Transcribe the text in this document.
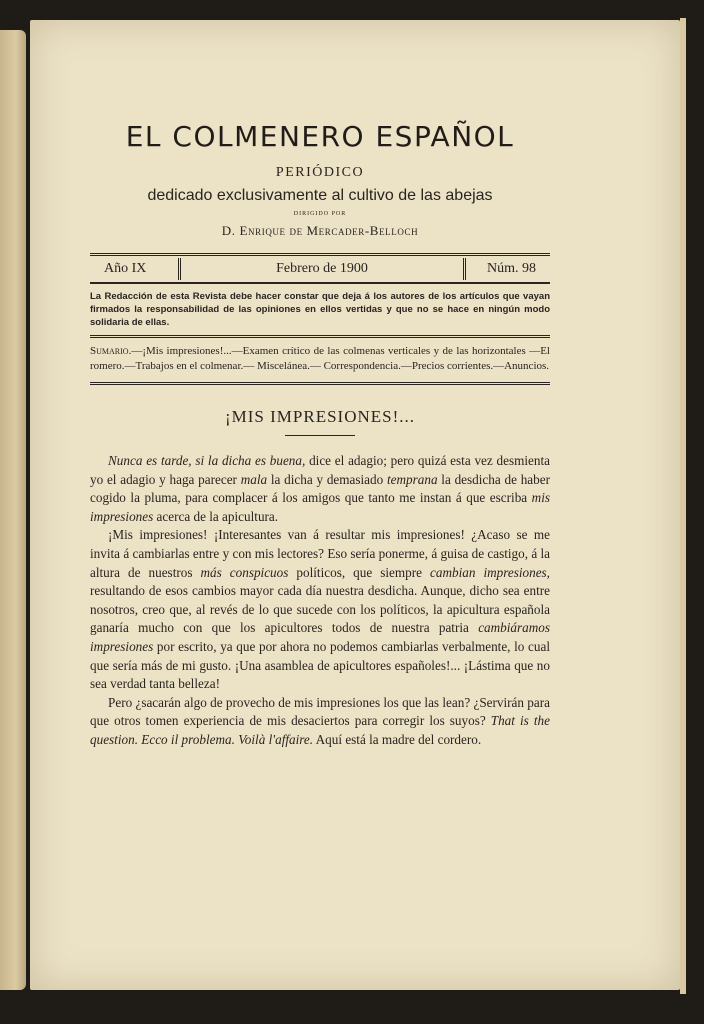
EL COLMENERO ESPAÑOL
PERIÓDICO
dedicado exclusivamente al cultivo de las abejas
DIRIGIDO POR
D. Enrique de Mercader-Belloch
Año IX	Febrero de 1900	Núm. 98
La Redacción de esta Revista debe hacer constar que deja á los autores de los artículos que vayan firmados la responsabilidad de las opiniones en ellos vertidas y que no se hace en ningún modo solidaria de ellas.
Sumario.—¡Mis impresiones!...—Examen crítico de las colmenas verticales y de las horizontales —El romero.—Trabajos en el colmenar.— Miscelánea.— Correspondencia.—Precios corrientes.—Anuncios.
¡MIS IMPRESIONES!...

Nunca es tarde, si la dicha es buena, dice el adagio; pero quizá esta vez desmienta yo el adagio y haga parecer mala la dicha y demasiado temprana la desdicha de haber cogido la pluma, para complacer á los amigos que tanto me instan á que escriba mis impresiones acerca de la apicultura.

¡Mis impresiones! ¡Interesantes van á resultar mis impresiones! ¿Acaso se me invita á cambiarlas entre y con mis lectores? Eso sería ponerme, á guisa de castigo, á la altura de nuestros más conspicuos políticos, que siempre cambian impresiones, resultando de esos cambios mayor cada día nuestra desdicha. Aunque, dicho sea entre nosotros, creo que, al revés de lo que sucede con los políticos, la apicultura española ganaría mucho con que los apicultores todos de nuestra patria cambiáramos impresiones por escrito, ya que por ahora no podemos cambiarlas verbalmente, lo cual que sería más de mi gusto. ¡Una asamblea de apicultores españoles!... ¡Lástima que no sea verdad tanta belleza!

Pero ¿sacarán algo de provecho de mis impresiones los que las lean? ¿Servirán para que otros tomen experiencia de mis desaciertos para corregir los suyos? That is the question. Ecco il problema. Voilà l'affaire. Aquí está la madre del cordero.
